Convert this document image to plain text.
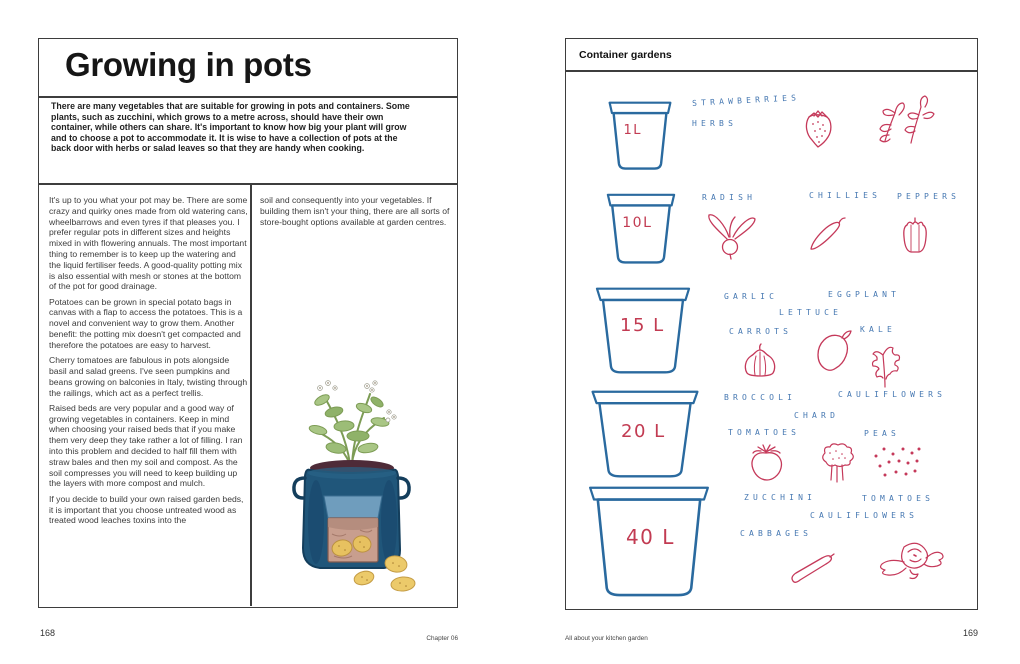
Growing in pots
There are many vegetables that are suitable for growing in pots and containers. Some plants, such as zucchini, which grows to a metre across, should have their own container, while others can share. It's important to know how big your plant will grow and to choose a pot to accommodate it. It is wise to have a collection of pots at the back door with herbs or salad leaves so that they are handy when cooking.

It's up to you what your pot may be. There are some crazy and quirky ones made from old watering cans, wheelbarrows and even tyres if that pleases you. I prefer regular pots in different sizes and heights mixed in with flowering annuals. The most important thing to remember is to keep up the watering and the liquid fertiliser feeds. A good-quality potting mix is also essential with mesh or stones at the bottom of the pot for good drainage.

Potatoes can be grown in special potato bags in canvas with a flap to access the potatoes. This is a novel and convenient way to grow them. Another benefit: the potting mix doesn't get compacted and therefore the potatoes are easy to harvest.

Cherry tomatoes are fabulous in pots alongside basil and salad greens. I've seen pumpkins and beans growing on balconies in Italy, twisting through the railings, which act as a perfect trellis.

Raised beds are very popular and a good way of growing vegetables in containers. Keep in mind when choosing your raised beds that if you make them very deep they take rather a lot of filling. I ran into this problem and decided to half fill them with straw bales and then my soil and compost. As the soil compresses you will need to keep building up the layers with more compost and mulch.

If you decide to build your own raised garden beds, it is important that you choose untreated wood as treated wood leaches toxins into the

soil and consequently into your vegetables. If building them isn't your thing, there are all sorts of store-bought options available at garden centres.

Container gardens
1L
10L
15 L
20 L
40 L
STRAWBERRIES
HERBS
RADISH	CHILLIES PEPPERS
GARLIC	EGGPLANT
LETTUCE
CARROTS	KALE
BROCCOLI	CAULIFLOWERS
CHARD
TOMATOES	PEAS
ZUCCHINI	TOMATOES
CAULIFLOWERS
CABBAGES
168
Chapter 06	All about your kitchen garden
169
